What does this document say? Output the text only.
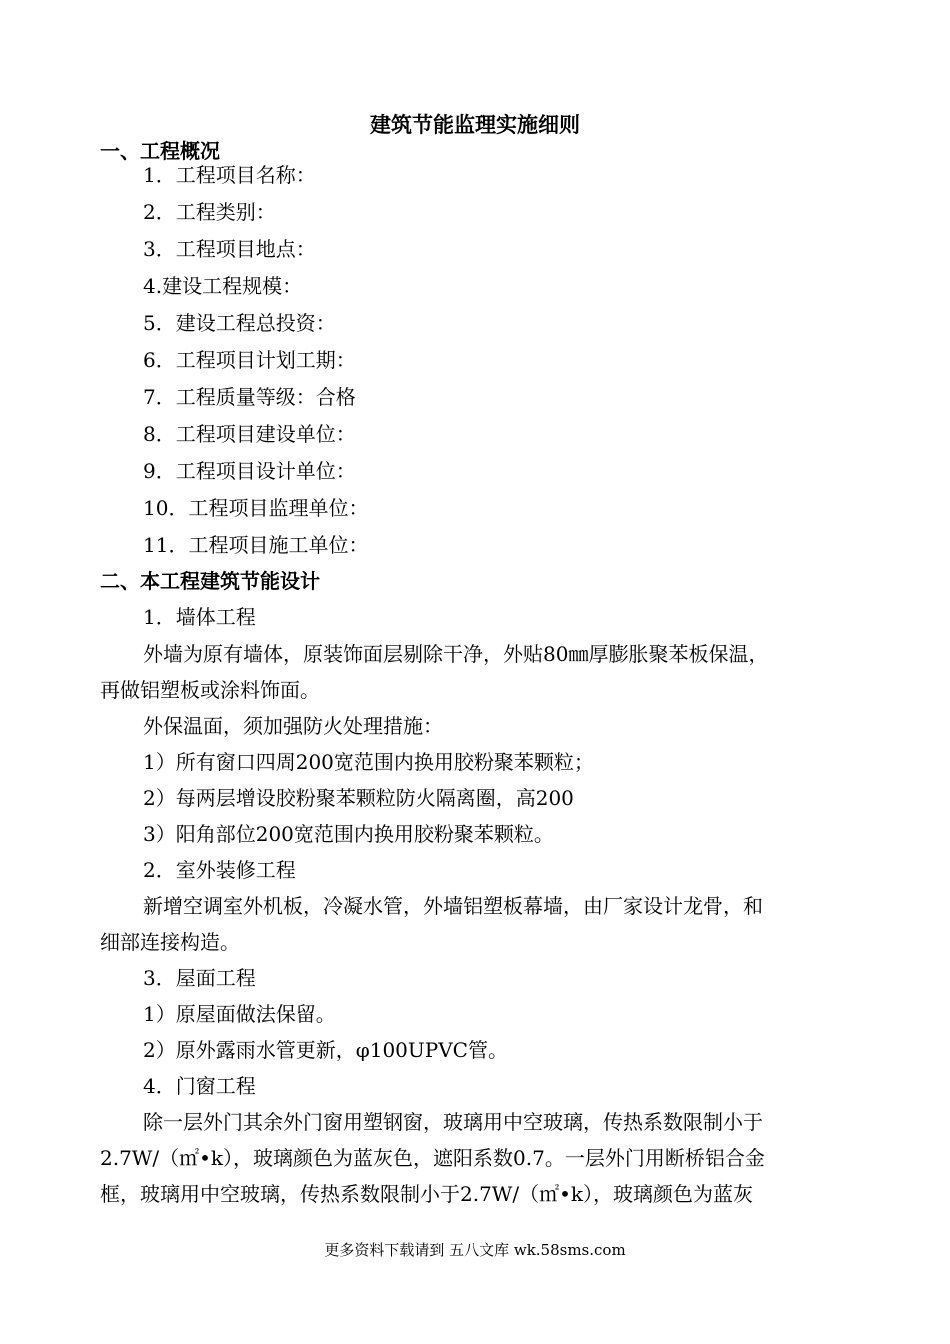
建筑节能监理实施细则
一、工程概况
1．工程项目名称：
2．工程类别：
3．工程项目地点：
4.建设工程规模：
5．建设工程总投资：
6．工程项目计划工期：
7．工程质量等级：合格
8．工程项目建设单位：
9．工程项目设计单位：
10．工程项目监理单位：
11．工程项目施工单位：
二、本工程建筑节能设计
1．墙体工程
外墙为原有墙体，原装饰面层剔除干净，外贴80㎜厚膨胀聚苯板保温，
再做铝塑板或涂料饰面。
外保温面，须加强防火处理措施：
1）所有窗口四周200宽范围内换用胶粉聚苯颗粒；
2）每两层增设胶粉聚苯颗粒防火隔离圈，高200
3）阳角部位200宽范围内换用胶粉聚苯颗粒。
2．室外装修工程
新增空调室外机板，冷凝水管，外墙铝塑板幕墙，由厂家设计龙骨，和
细部连接构造。
3．屋面工程
1）原屋面做法保留。
2）原外露雨水管更新，φ100UPVC管。
4．门窗工程
除一层外门其余外门窗用塑钢窗，玻璃用中空玻璃，传热系数限制小于
2.7W/（㎡•k），玻璃颜色为蓝灰色，遮阳系数0.7。一层外门用断桥铝合金
框，玻璃用中空玻璃，传热系数限制小于2.7W/（㎡•k），玻璃颜色为蓝灰
更多资料下载请到 五八文库 wk.58sms.com
